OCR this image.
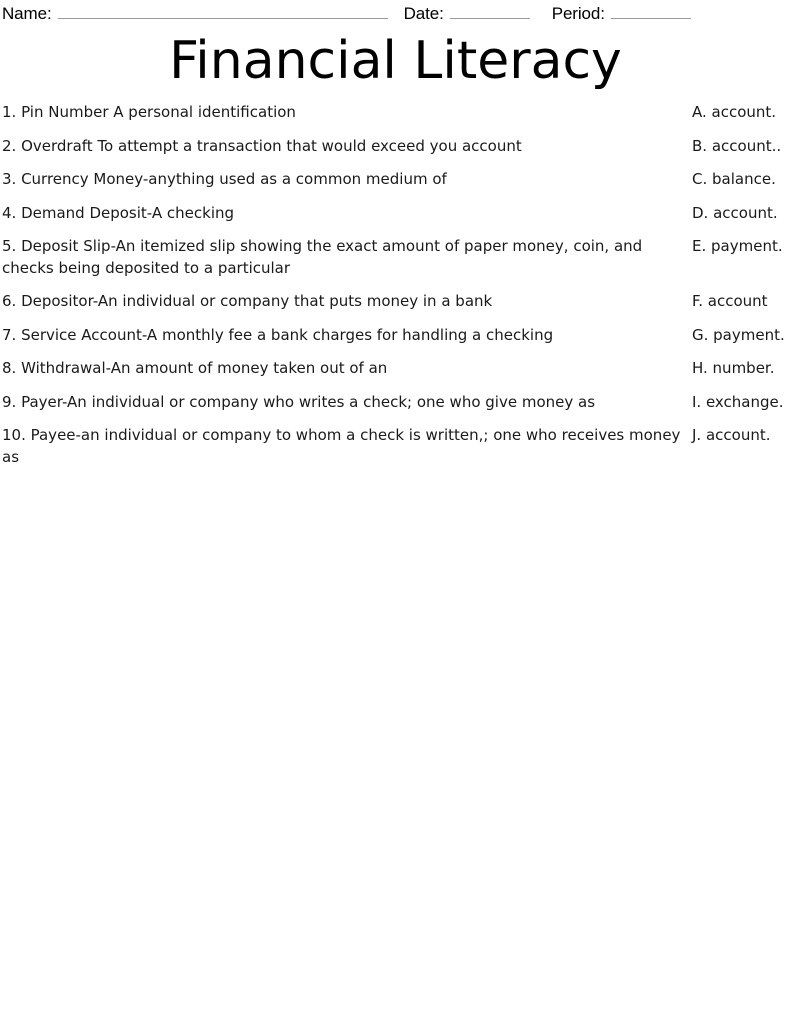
Name:	Date:	Period:
Financial Literacy
1. Pin Number A personal identification	A. account.
2. Overdraft To attempt a transaction that would exceed you account	B. account..
3. Currency Money-anything used as a common medium of	C. balance.
4. Demand Deposit-A checking	D. account.
5. Deposit Slip-An itemized slip showing the exact amount of paper money, coin, and checks being deposited to a particular
E. payment.
6. Depositor-An individual or company that puts money in a bank	F. account
7. Service Account-A monthly fee a bank charges for handling a checking	G. payment.
8. Withdrawal-An amount of money taken out of an	H. number.
9. Payer-An individual or company who writes a check; one who give money as	I. exchange.
10. Payee-an individual or company to whom a check is written,; one who receives money as
J. account.
